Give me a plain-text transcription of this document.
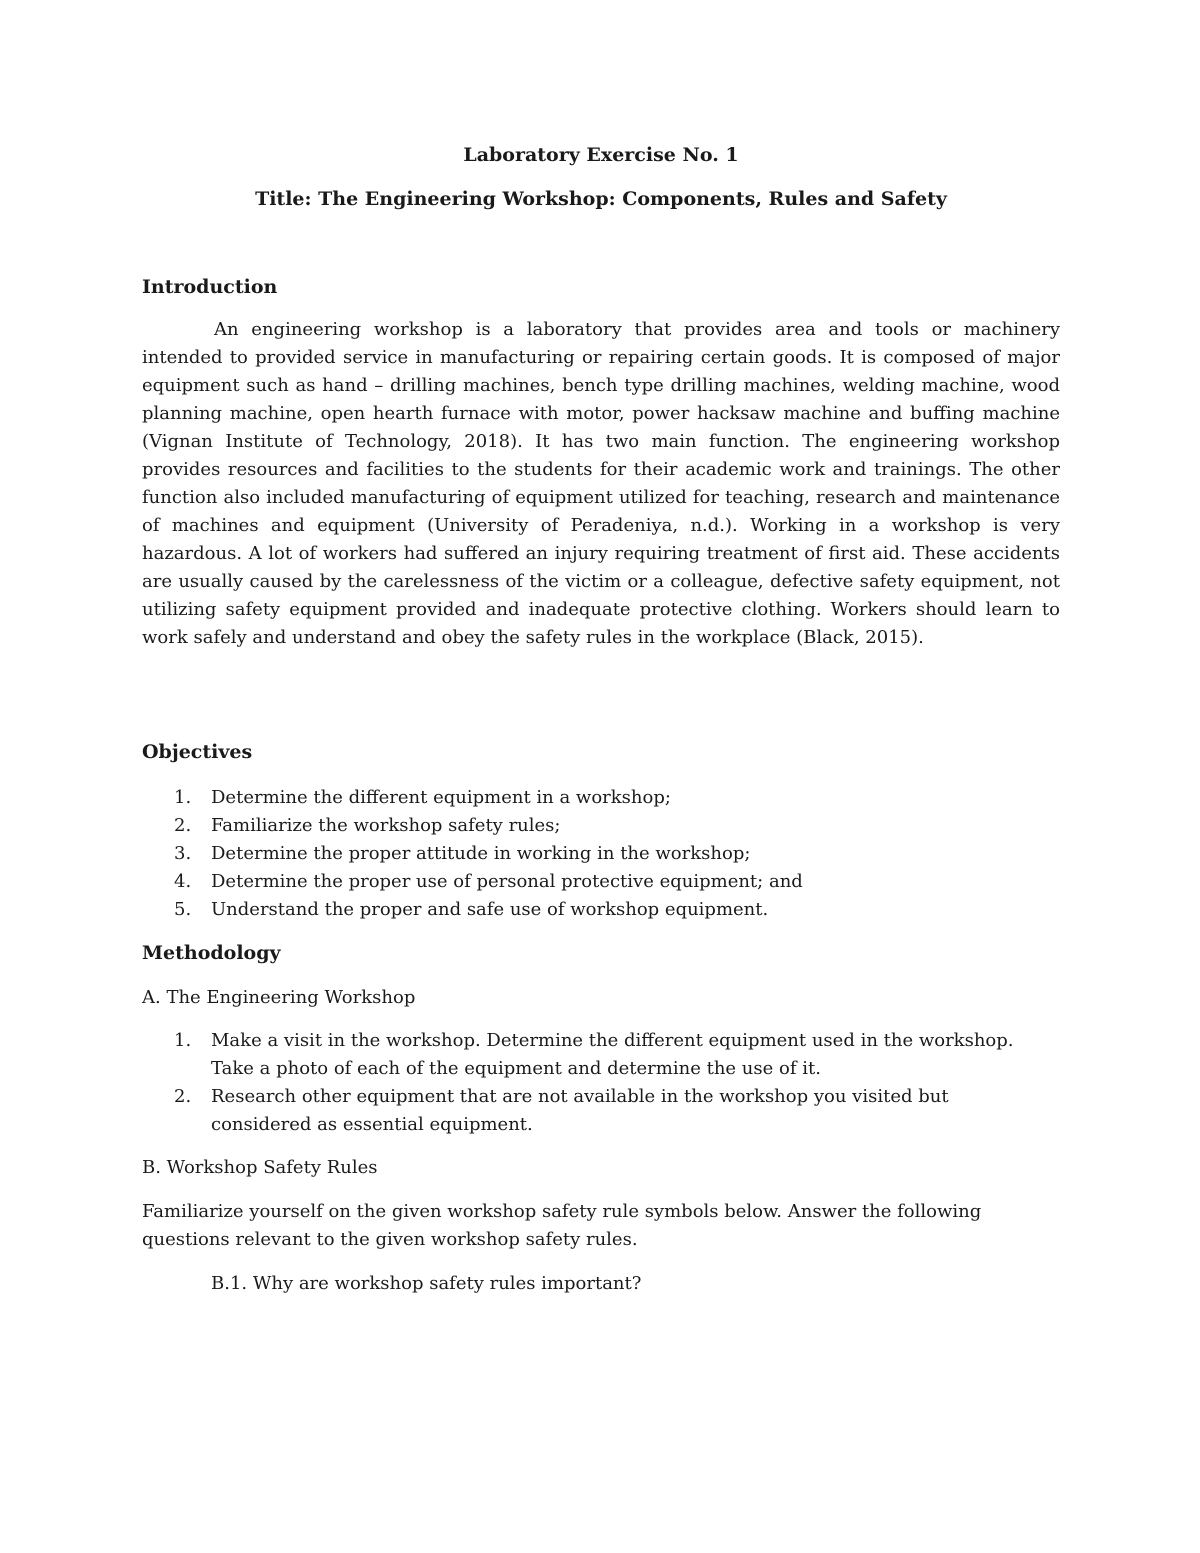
Laboratory Exercise No. 1
Title: The Engineering Workshop: Components, Rules and Safety
Introduction

An engineering workshop is a laboratory that provides area and tools or machinery intended to provided service in manufacturing or repairing certain goods. It is composed of major equipment such as hand – drilling machines, bench type drilling machines, welding machine, wood planning machine, open hearth furnace with motor, power hacksaw machine and buffing machine (Vignan Institute of Technology, 2018). It has two main function. The engineering workshop provides resources and facilities to the students for their academic work and trainings. The other function also included manufacturing of equipment utilized for teaching, research and maintenance of machines and equipment (University of Peradeniya, n.d.). Working in a workshop is very hazardous. A lot of workers had suffered an injury requiring treatment of first aid. These accidents are usually caused by the carelessness of the victim or a colleague, defective safety equipment, not utilizing safety equipment provided and inadequate protective clothing. Workers should learn to work safely and understand and obey the safety rules in the workplace (Black, 2015).

Objectives
1. Determine the different equipment in a workshop;
2. Familiarize the workshop safety rules;
3. Determine the proper attitude in working in the workshop;
4. Determine the proper use of personal protective equipment; and
5. Understand the proper and safe use of workshop equipment.
Methodology

A. The Engineering Workshop

1. Make a visit in the workshop. Determine the different equipment used in the workshop. Take a photo of each of the equipment and determine the use of it.
2. Research other equipment that are not available in the workshop you visited but considered as essential equipment.

B. Workshop Safety Rules

Familiarize yourself on the given workshop safety rule symbols below. Answer the following questions relevant to the given workshop safety rules.

B.1. Why are workshop safety rules important?
